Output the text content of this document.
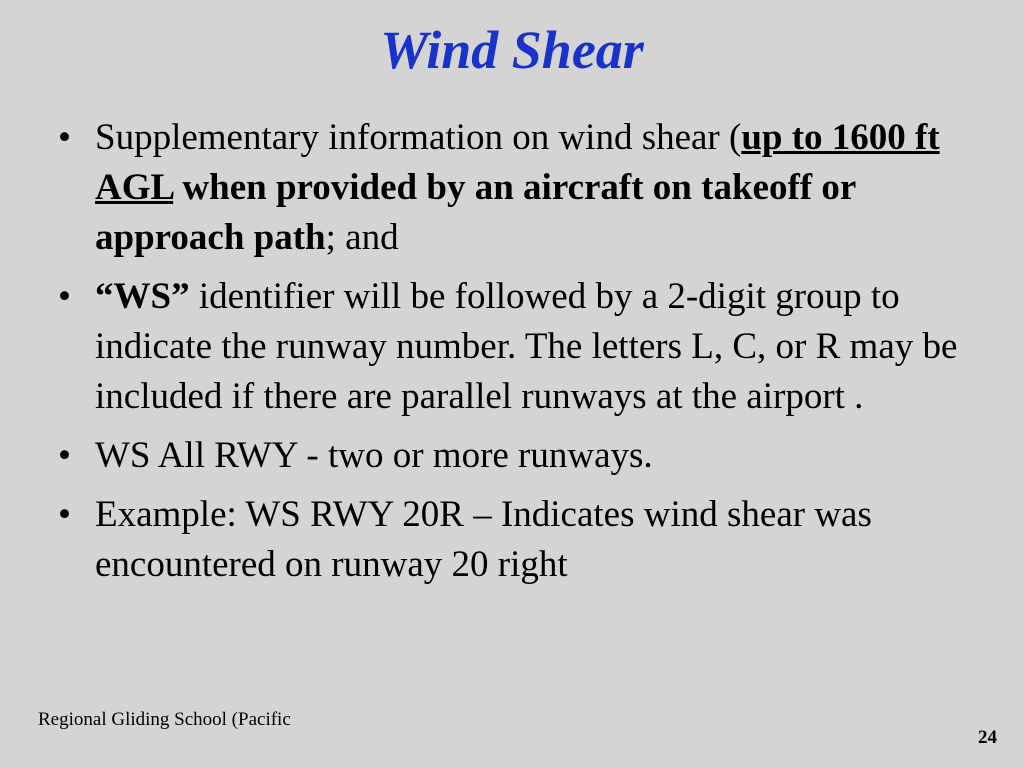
Wind Shear
• Supplementary information on wind shear (up to 1600 ft AGL when provided by an aircraft on takeoff or approach path; and
• “WS” identifier will be followed by a 2-digit group to indicate the runway number. The letters L, C, or R may be included if there are parallel runways at the airport .
• WS All RWY - two or more runways.
• Example: WS RWY 20R – Indicates wind shear was encountered on runway 20 right
Regional Gliding School (Pacific
24
